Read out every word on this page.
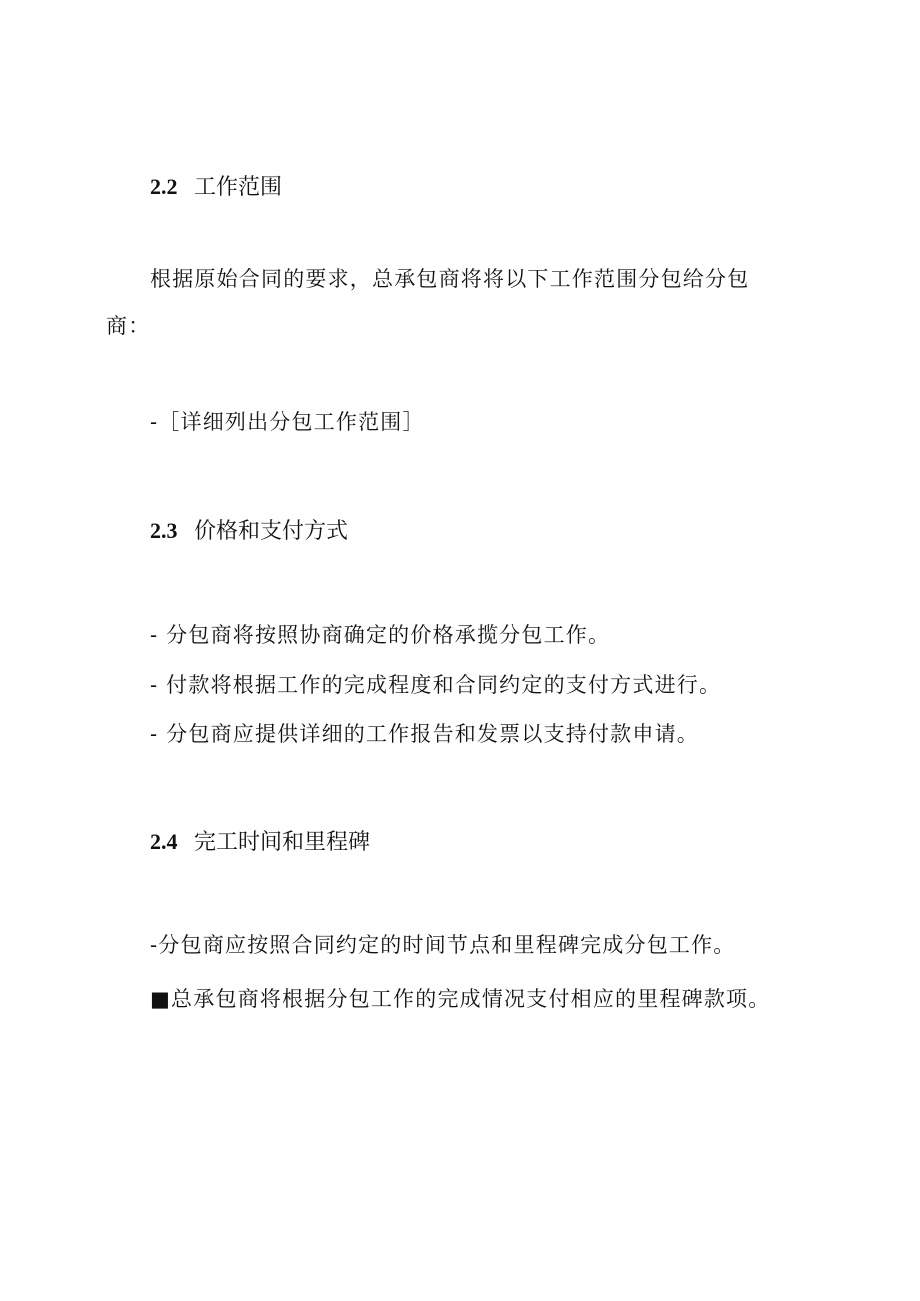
2.2 工作范围
根据原始合同的要求，总承包商将将以下工作范围分包给分包商：
-［详细列出分包工作范围］
2.3 价格和支付方式
- 分包商将按照协商确定的价格承揽分包工作。
- 付款将根据工作的完成程度和合同约定的支付方式进行。
- 分包商应提供详细的工作报告和发票以支持付款申请。
2.4 完工时间和里程碑
-分包商应按照合同约定的时间节点和里程碑完成分包工作。
■总承包商将根据分包工作的完成情况支付相应的里程碑款项。
